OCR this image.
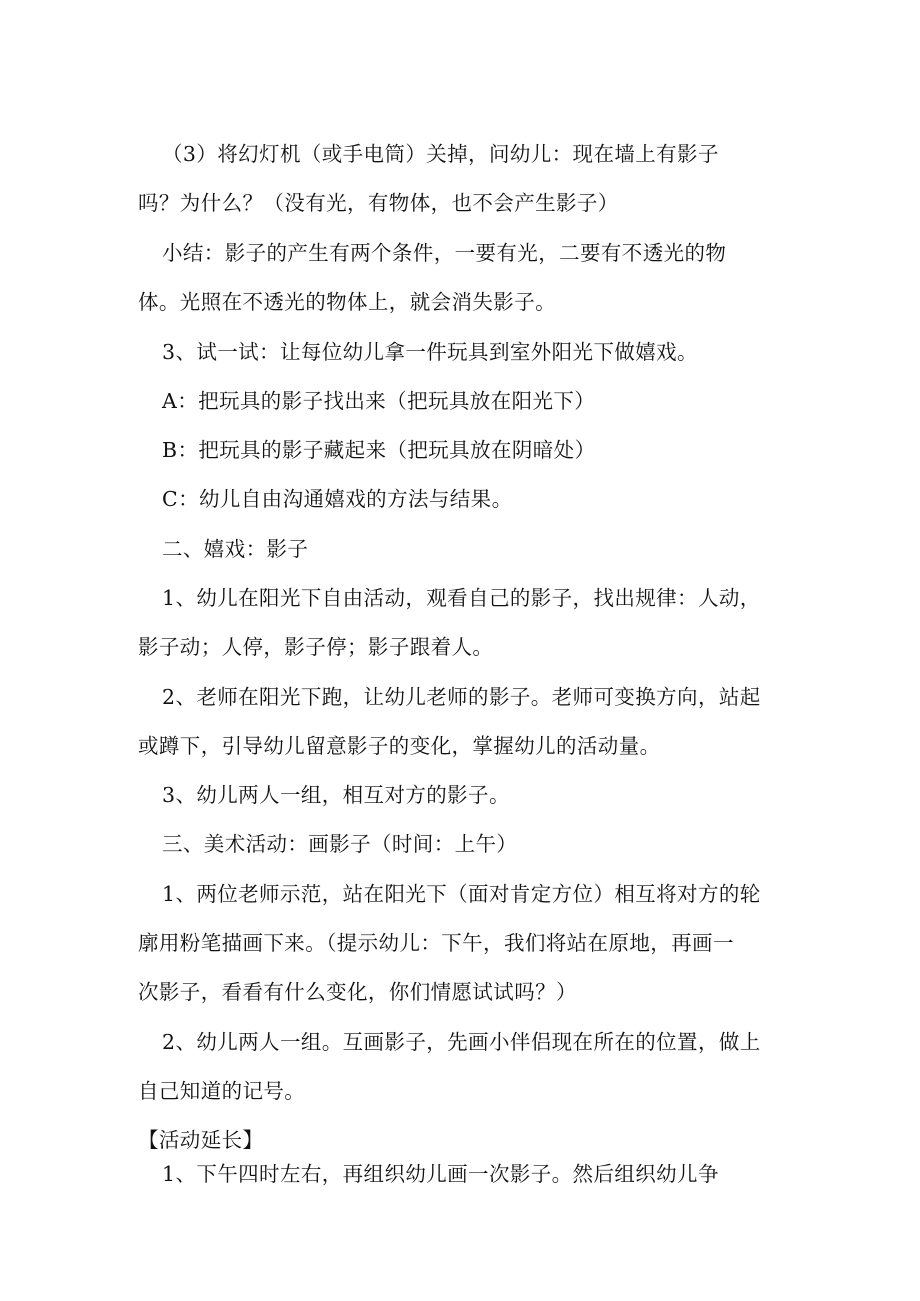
（3）将幻灯机（或手电筒）关掉，问幼儿：现在墙上有影子
吗？为什么？（没有光，有物体，也不会产生影子）
小结：影子的产生有两个条件，一要有光，二要有不透光的物
体。光照在不透光的物体上，就会消失影子。
3、试一试：让每位幼儿拿一件玩具到室外阳光下做嬉戏。
A：把玩具的影子找出来（把玩具放在阳光下）
B：把玩具的影子藏起来（把玩具放在阴暗处）
C：幼儿自由沟通嬉戏的方法与结果。
二、嬉戏：影子
1、幼儿在阳光下自由活动，观看自己的影子，找出规律：人动，
影子动；人停，影子停；影子跟着人。
2、老师在阳光下跑，让幼儿老师的影子。老师可变换方向，站起
或蹲下，引导幼儿留意影子的变化，掌握幼儿的活动量。
3、幼儿两人一组，相互对方的影子。
三、美术活动：画影子（时间：上午）
1、两位老师示范，站在阳光下（面对肯定方位）相互将对方的轮
廓用粉笔描画下来。（提示幼儿：下午，我们将站在原地，再画一
次影子，看看有什么变化，你们情愿试试吗？）
2、幼儿两人一组。互画影子，先画小伴侣现在所在的位置，做上
自己知道的记号。
【活动延长】
1、下午四时左右，再组织幼儿画一次影子。然后组织幼儿争
